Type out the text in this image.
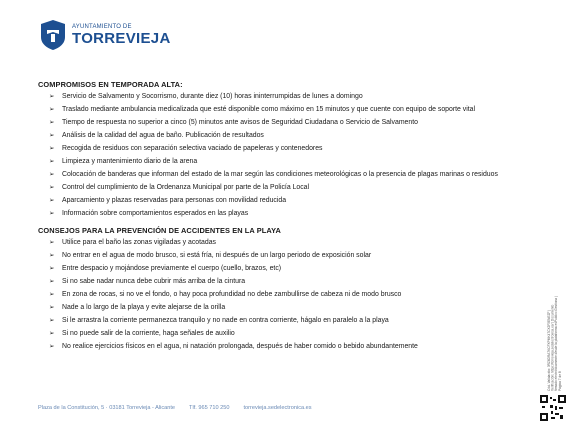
AYUNTAMIENTO DE
TORREVIEJA
COMPROMISOS EN TEMPORADA ALTA:
➢ Servicio de Salvamento y Socorrismo, durante diez (10) horas ininterrumpidas de lunes a domingo
➢ Traslado mediante ambulancia medicalizada que esté disponible como máximo en 15 minutos y que cuente con equipo de soporte vital
➢ Tiempo de respuesta no superior a cinco (5) minutos ante avisos de Seguridad Ciudadana o Servicio de Salvamento
➢ Análisis de la calidad del agua de baño. Publicación de resultados
➢ Recogida de residuos con separación selectiva vaciado de papeleras y contenedores
➢ Limpieza y mantenimiento diario de la arena
➢ Colocación de banderas que informan del estado de la mar según las condiciones meteorológicas o la presencia de plagas marinas o residuos
➢ Control del cumplimiento de la Ordenanza Municipal por parte de la Policía Local
➢ Aparcamiento y plazas reservadas para personas con movilidad reducida
➢ Información sobre comportamientos esperados en las playas
CONSEJOS PARA LA PREVENCIÓN DE ACCIDENTES EN LA PLAYA
➢ Utilice para el baño las zonas vigiladas y acotadas
➢ No entrar en el agua de modo brusco, si está fría, ni después de un largo periodo de exposición solar
➢ Entre despacio y mojándose previamente el cuerpo (cuello, brazos, etc)
➢ Si no sabe nadar nunca debe cubrir más arriba de la cintura
➢ En zona de rocas, si no ve el fondo, o hay poca profundidad no debe zambullirse de cabeza ni de modo brusco
➢ Nade a lo largo de la playa y evite alejarse de la orilla
➢ Si le arrastra la corriente permanezca tranquilo y no nade en contra corriente, hágalo en paralelo a la playa
➢ Si no puede salir de la corriente, haga señales de auxilio
➢ No realice ejercicios físicos en el agua, ni natación prolongada, después de haber comido o bebido abundantemente
Plaza de la Constitución, 5 · 03181 Torrevieja - Alicante	Tlf. 965 710 250	torrevieja.sedelectronica.es
Cód. Validación: 3RZ6DRA7KCFXPMK47CX2F5ENEZF | Verificación: https://torrevieja.sedelectronica.es/ | Documento firmado electrónicamente desde la plataforma esPublico Gestiona | Página 7 de 8
